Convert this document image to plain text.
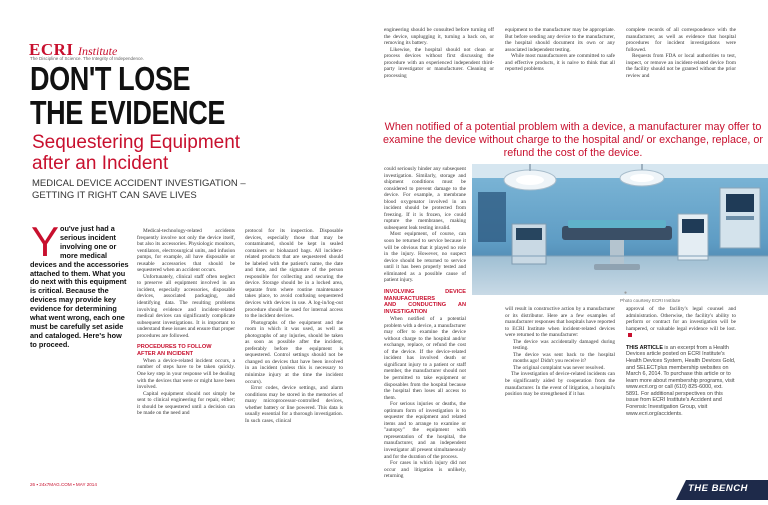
ECRI Institute
The Discipline of Science. The Integrity of Independence.
DON'T LOSE
THE EVIDENCE
Sequestering Equipment
after an Incident
MEDICAL DEVICE ACCIDENT INVESTIGATION –
GETTING IT RIGHT CAN SAVE LIVES
Y ou've just had a serious incident involving one or more medical
devices and the accessories attached to them. What you do next with this equipment is critical. Because the devices may provide key evidence for determining what went wrong, each one must be carefully set aside and cataloged. Here's how to proceed.

Medical-technology-related accidents frequently involve not only the device itself, but also its accessories. Physiologic monitors, ventilators, electrosurgical units, and infusion pumps, for example, all have disposable or reusable accessories that should be sequestered when an accident occurs.

Unfortunately, clinical staff often neglect to preserve all equipment involved in an incident, especially accessories, disposable devices, associated packaging, and identifying data. The resulting problems involving evidence and incident-related medical devices can significantly complicate subsequent investigations. It is important to understand these issues and ensure that proper procedures are followed.

PROCEDURES TO FOLLOW

AFTER AN INCIDENT

When a device-related incident occurs, a number of steps have to be taken quickly. One key step in your response will be dealing with the devices that were or might have been involved.

Capital equipment should not simply be sent to clinical engineering for repair, either; it should be sequestered until a decision can be made on the need and

protocol for its inspection. Disposable devices, especially those that may be contaminated, should be kept in sealed containers or biohazard bags. All incident-related products that are sequestered should be labeled with the patient's name, the date and time, and the signature of the person responsible for collecting and securing the device. Storage should be in a locked area, separate from where routine maintenance takes place, to avoid confusing sequestered devices with devices in use. A log-in/log-out procedure should be used for internal access to the incident devices.

Photographs of the equipment and the room in which it was used, as well as photographs of any injuries, should be taken as soon as possible after the incident, preferably before the equipment is sequestered. Control settings should not be changed on devices that have been involved in an incident (unless this is necessary to minimize injury at the time the incident occurs).

Error codes, device settings, and alarm conditions may be stored in the memories of many microprocessor-controlled devices, whether battery or line powered. This data is usually essential for a thorough investigation. In such cases, clinical

engineering should be consulted before turning off the device, unplugging it, turning a back on, or removing its battery.

Likewise, the hospital should not clean or process devices without first discussing the procedure with an experienced independent third-party investigator or manufacturer. Cleaning or processing

equipment to the manufacturer may be appropriate. But before sending any device to the manufacturer, the hospital should document its own or any associated independent testing.

While most manufacturers are committed to safe and effective products, it is naive to think that all reported problems

complete records of all correspondence with the manufacturer, as well as evidence that hospital procedures for incident investigations were followed.

Requests from FDA or local authorities to test, inspect, or remove an incident-related device from the facility should not be granted without the prior review and

When notified of a potential problem with a device, a manufacturer may offer to examine the device without charge to the hospital and/ or exchange, replace, or refund the cost of the device.

could seriously hinder any subsequent investigation. Similarly, storage and shipment conditions must be considered to prevent damage to the device. For example, a membrane blood oxygenator involved in an incident should be protected from freezing. If it is frozen, ice could rupture the membranes, making subsequent leak testing invalid.

Most equipment, of course, can soon be returned to service because it will be obvious that it played no role in the injury. However, no suspect device should be returned to service until it has been properly tested and eliminated as a possible cause of patient injury.

INVOLVING DEVICE MANUFACTURERS

AND CONDUCTING AN INVESTIGATION

When notified of a potential problem with a device, a manufacturer may offer to examine the device without charge to the hospital and/or exchange, replace, or refund the cost of the device. If the device-related incident has involved death or significant injury to a patient or staff member, the manufacturer should not be permitted to take equipment or disposables from the hospital because the hospital then loses all access to them.

For serious injuries or deaths, the optimum form of investigation is to sequester the equipment and related items and to arrange to examine or "autopsy" the equipment with representation of the hospital, the manufacturer, and an independent investigator all present simultaneously and for the duration of the process.

For cases in which injury did not occur and litigation is unlikely, returning

●
Photo courtesy ECRI Institute

will result in constructive action by a manufacturer or its distributor. Here are a few examples of manufacturer responses that hospitals have reported to ECRI Institute when incident-related devices were returned to the manufacturer:

• The device was accidentally damaged during testing.
• The device was sent back to the hospital months ago! Didn't you receive it?
• The original complaint was never resolved.

The investigation of device-related incidents can be significantly aided by cooperation from the manufacturer. In the event of litigation, a hospital's position may be strengthened if it has

approval of the facility's legal counsel and administration. Otherwise, the facility's ability to perform or contract for an investigation will be hampered, or valuable legal evidence will be lost.

THIS ARTICLE is an excerpt from a Health Devices article posted on ECRI Institute's Health Devices System, Health Devices Gold, and SELECTplus membership websites on March 6, 2014. To purchase this article or to learn more about membership programs, visit www.ecri.org or call (610) 825-6000, ext. 5891. For additional perspectives on this issue from ECRI Institute's Accident and Forensic Investigation Group, visit www.ecri.org/accidents.

26 ▪ 24x7MAG.COM ▪ MAY 2014	THE BENCH
